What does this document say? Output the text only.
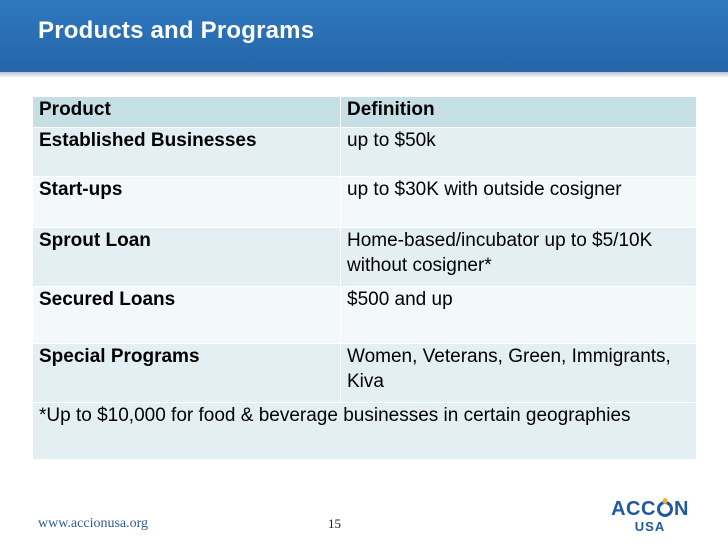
Products and Programs
Product	Definition
Established Businesses	up to $50k
Start-ups	up to $30K with outside cosigner
Sprout Loan	Home-based/incubator up to $5/10K without cosigner*
Secured Loans	$500 and up
Special Programs	Women, Veterans, Green, Immigrants, Kiva
*Up to $10,000 for food & beverage businesses in certain geographies	
www.accionusa.org	15
ACC N
USA
